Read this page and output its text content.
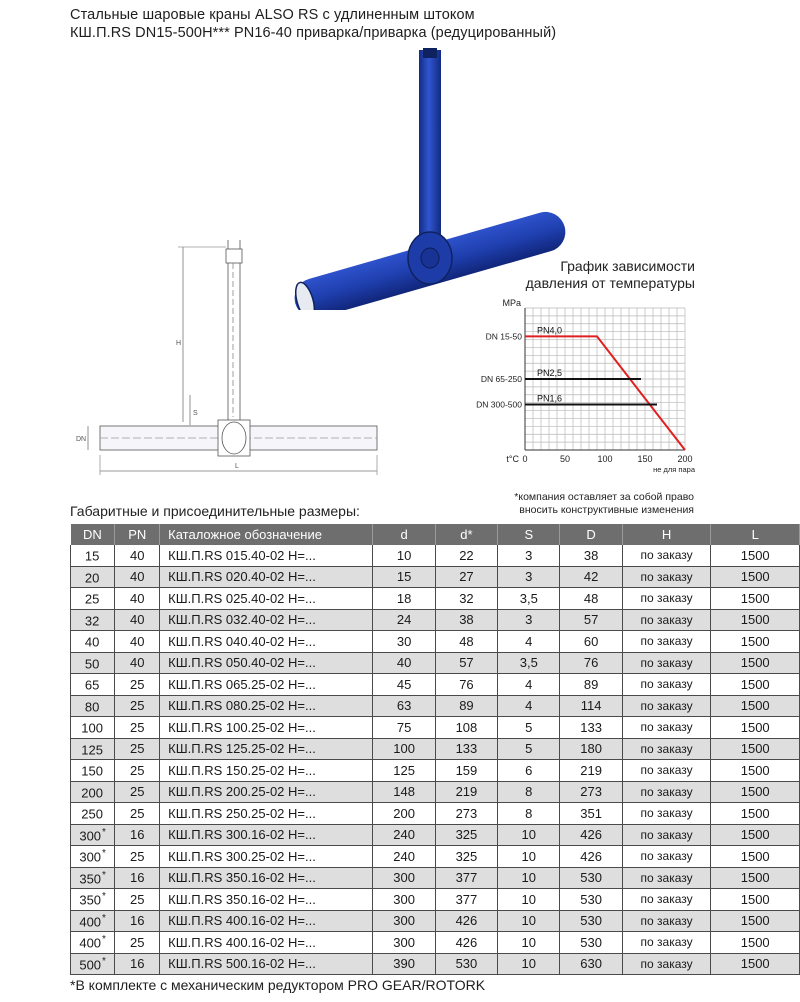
Стальные шаровые краны ALSO RS с удлиненным штоком
КШ.П.RS DN15-500H*** PN16-40 приварка/приварка (редуцированный)
H
S
DN
L
График зависимости
давления от температуры
MPa
DN 15-50
DN 65-250
DN 300-500
0	50	100	150	200
t°C
не для пара
PN4,0
PN2,5
PN1,6
*компания оставляет за собой право
вносить конструктивные изменения
Габаритные и присоединительные размеры:
DN	PN	Каталожное обозначение	d	d*	S	D	H	L
15	40	КШ.П.RS 015.40-02 H=...	10	22	3	38	по заказу	1500
20	40	КШ.П.RS 020.40-02 H=...	15	27	3	42	по заказу	1500
25	40	КШ.П.RS 025.40-02 H=...	18	32	3,5	48	по заказу	1500
32	40	КШ.П.RS 032.40-02 H=...	24	38	3	57	по заказу	1500
40	40	КШ.П.RS 040.40-02 H=...	30	48	4	60	по заказу	1500
50	40	КШ.П.RS 050.40-02 H=...	40	57	3,5	76	по заказу	1500
65	25	КШ.П.RS 065.25-02 H=...	45	76	4	89	по заказу	1500
80	25	КШ.П.RS 080.25-02 H=...	63	89	4	114	по заказу	1500
100	25	КШ.П.RS 100.25-02 H=...	75	108	5	133	по заказу	1500
125	25	КШ.П.RS 125.25-02 H=...	100	133	5	180	по заказу	1500
150	25	КШ.П.RS 150.25-02 H=...	125	159	6	219	по заказу	1500
200	25	КШ.П.RS 200.25-02 H=...	148	219	8	273	по заказу	1500
250	25	КШ.П.RS 250.25-02 H=...	200	273	8	351	по заказу	1500
300*	16	КШ.П.RS 300.16-02 H=...	240	325	10	426	по заказу	1500
300*	25	КШ.П.RS 300.25-02 H=...	240	325	10	426	по заказу	1500
350*	16	КШ.П.RS 350.16-02 H=...	300	377	10	530	по заказу	1500
350*	25	КШ.П.RS 350.16-02 H=...	300	377	10	530	по заказу	1500
400*	16	КШ.П.RS 400.16-02 H=...	300	426	10	530	по заказу	1500
400*	25	КШ.П.RS 400.16-02 H=...	300	426	10	530	по заказу	1500
500*	16	КШ.П.RS 500.16-02 H=...	390	530	10	630	по заказу	1500
*В комплекте с механическим редуктором PRO GEAR/ROTORK
